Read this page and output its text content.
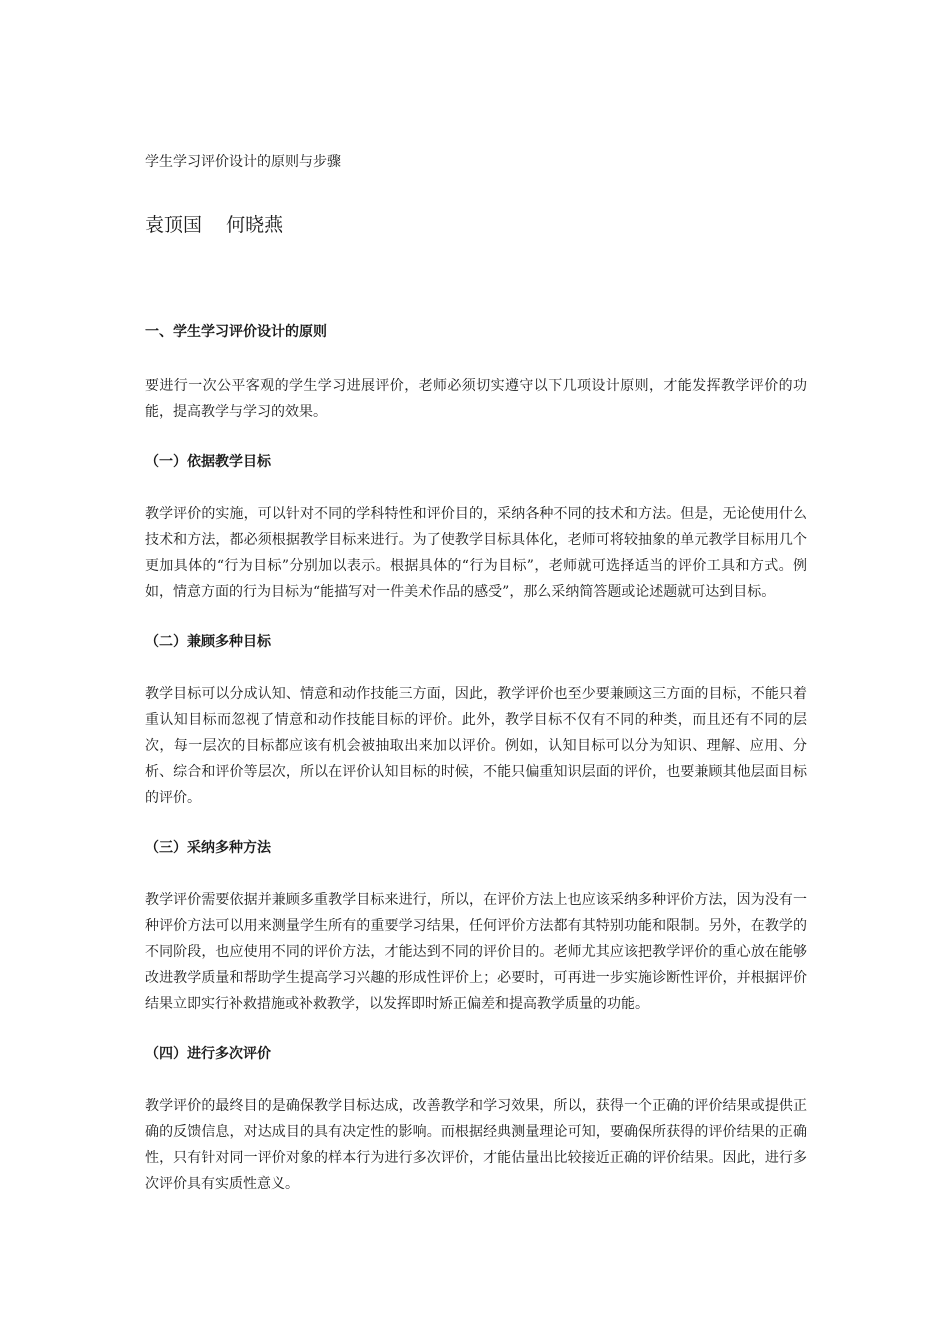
学生学习评价设计的原则与步骤
袁顶国    何晓燕
一、学生学习评价设计的原则
要进行一次公平客观的学生学习进展评价，老师必须切实遵守以下几项设计原则，才能发挥教学评价的功能，提高教学与学习的效果。
（一）依据教学目标
教学评价的实施，可以针对不同的学科特性和评价目的，采纳各种不同的技术和方法。但是，无论使用什么技术和方法，都必须根据教学目标来进行。为了使教学目标具体化，老师可将较抽象的单元教学目标用几个更加具体的“行为目标”分别加以表示。根据具体的“行为目标”，老师就可选择适当的评价工具和方式。例如，情意方面的行为目标为“能描写对一件美术作品的感受”，那么采纳简答题或论述题就可达到目标。
（二）兼顾多种目标
教学目标可以分成认知、情意和动作技能三方面，因此，教学评价也至少要兼顾这三方面的目标，不能只着重认知目标而忽视了情意和动作技能目标的评价。此外，教学目标不仅有不同的种类，而且还有不同的层次，每一层次的目标都应该有机会被抽取出来加以评价。例如，认知目标可以分为知识、理解、应用、分析、综合和评价等层次，所以在评价认知目标的时候，不能只偏重知识层面的评价，也要兼顾其他层面目标的评价。
（三）采纳多种方法
教学评价需要依据并兼顾多重教学目标来进行，所以，在评价方法上也应该采纳多种评价方法，因为没有一种评价方法可以用来测量学生所有的重要学习结果，任何评价方法都有其特别功能和限制。另外，在教学的不同阶段，也应使用不同的评价方法，才能达到不同的评价目的。老师尤其应该把教学评价的重心放在能够改进教学质量和帮助学生提高学习兴趣的形成性评价上；必要时，可再进一步实施诊断性评价，并根据评价结果立即实行补救措施或补救教学，以发挥即时矫正偏差和提高教学质量的功能。
（四）进行多次评价
教学评价的最终目的是确保教学目标达成，改善教学和学习效果，所以，获得一个正确的评价结果或提供正确的反馈信息，对达成目的具有决定性的影响。而根据经典测量理论可知，要确保所获得的评价结果的正确性，只有针对同一评价对象的样本行为进行多次评价，才能估量出比较接近正确的评价结果。因此，进行多次评价具有实质性意义。
